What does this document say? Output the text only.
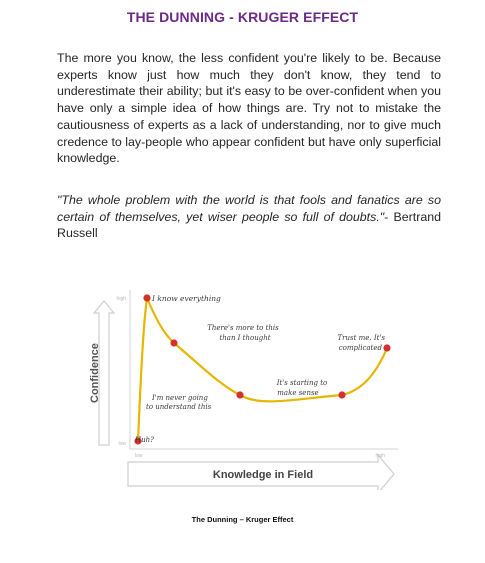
THE DUNNING - KRUGER EFFECT
The more you know, the less confident you're likely to be. Because experts know just how much they don't know, they tend to underestimate their ability; but it's easy to be over-confident when you have only a simple idea of how things are. Try not to mistake the cautiousness of experts as a lack of understanding, nor to give much credence to lay-people who appear confident but have only superficial knowledge.
"The whole problem with the world is that fools and fanatics are so certain of themselves, yet wiser people so full of doubts."- Bertrand Russell
Confidence
Knowledge in Field
high
low
low	high
Huh?
I know everything
There's more to this
than I thought
I'm never going
to understand this
It's starting to
make sense
Trust me. It's
complicated
The Dunning – Kruger Effect
